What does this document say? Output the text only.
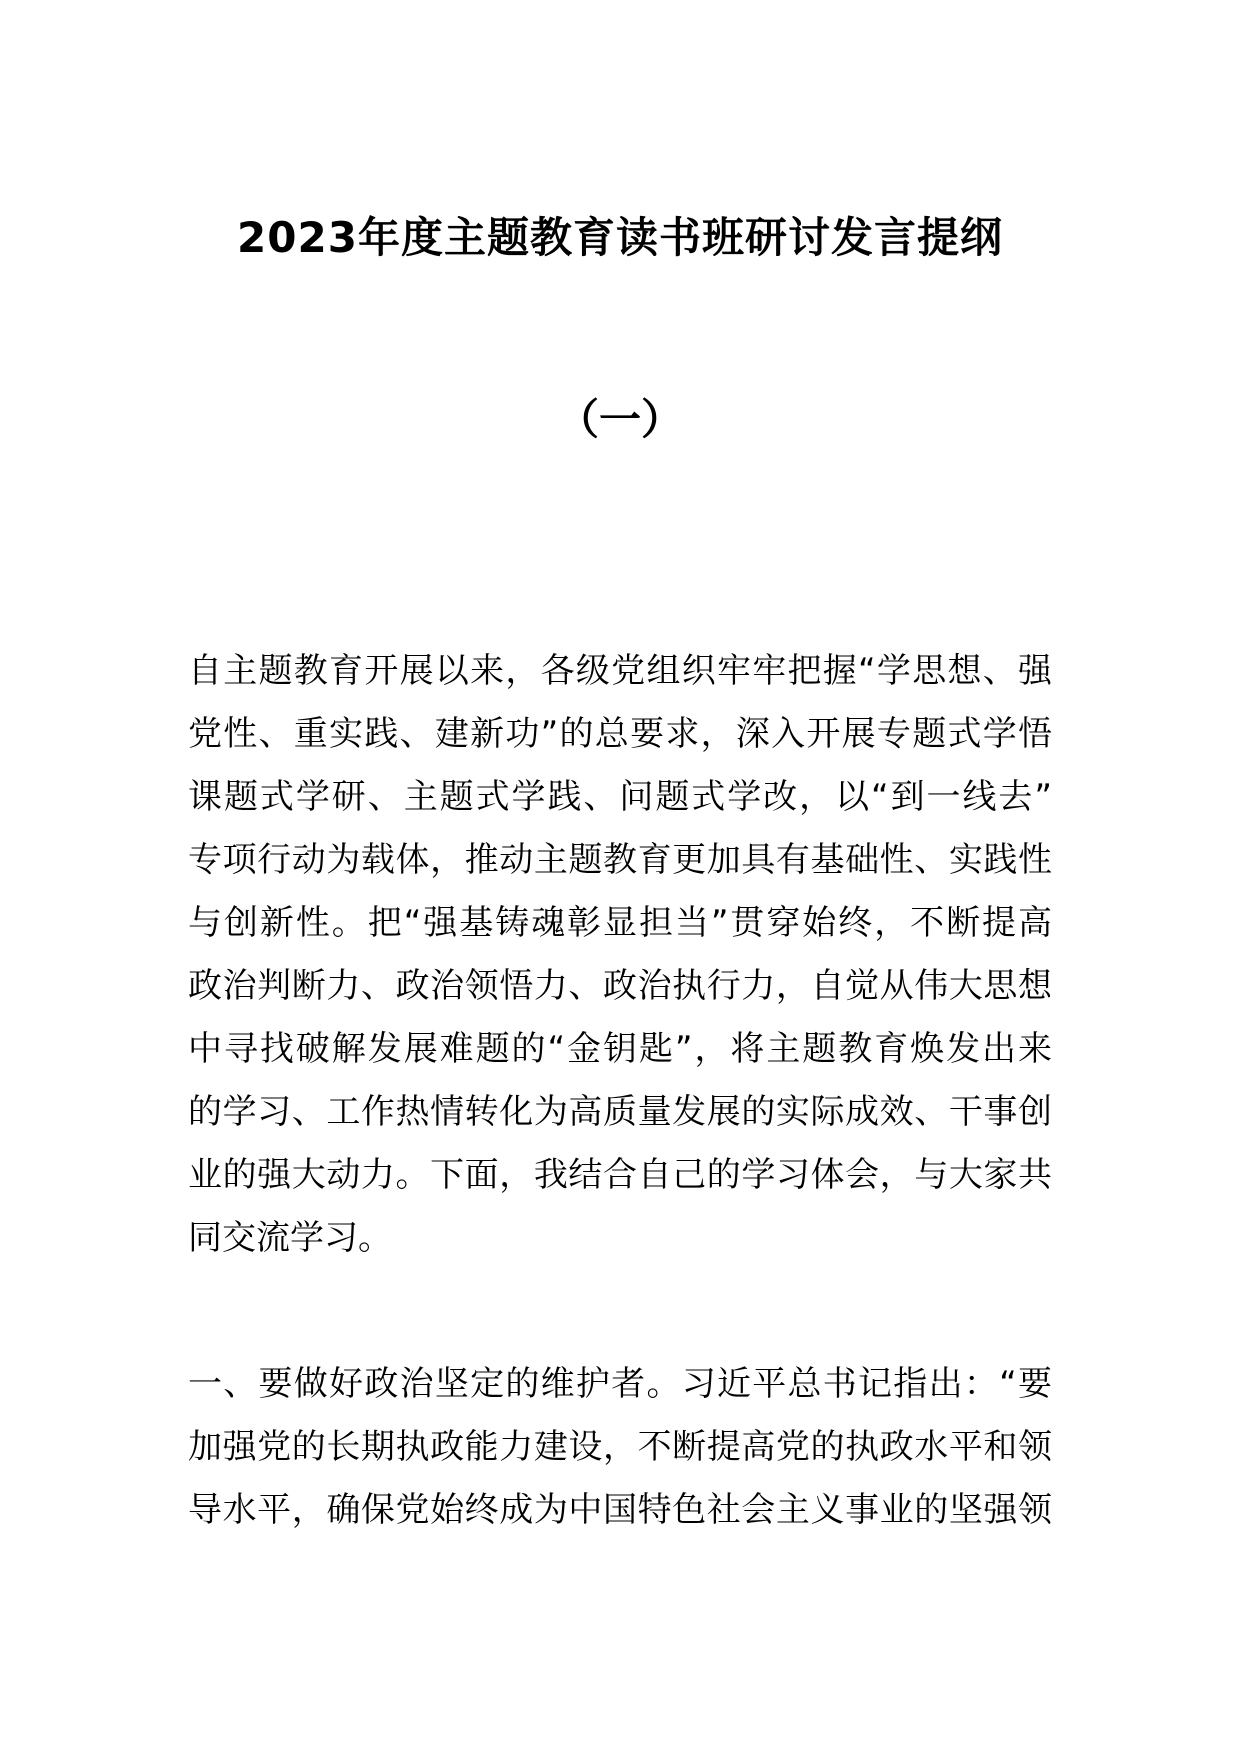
2023年度主题教育读书班研讨发言提纲
（一）
自主题教育开展以来，各级党组织牢牢把握“学思想、强
党性、重实践、建新功”的总要求，深入开展专题式学悟
课题式学研、主题式学践、问题式学改，以“到一线去”
专项行动为载体，推动主题教育更加具有基础性、实践性
与创新性。把“强基铸魂彰显担当”贯穿始终，不断提高
政治判断力、政治领悟力、政治执行力，自觉从伟大思想
中寻找破解发展难题的“金钥匙”，将主题教育焕发出来
的学习、工作热情转化为高质量发展的实际成效、干事创
业的强大动力。下面，我结合自己的学习体会，与大家共
同交流学习。
一、要做好政治坚定的维护者。习近平总书记指出：“要
加强党的长期执政能力建设，不断提高党的执政水平和领
导水平，确保党始终成为中国特色社会主义事业的坚强领
